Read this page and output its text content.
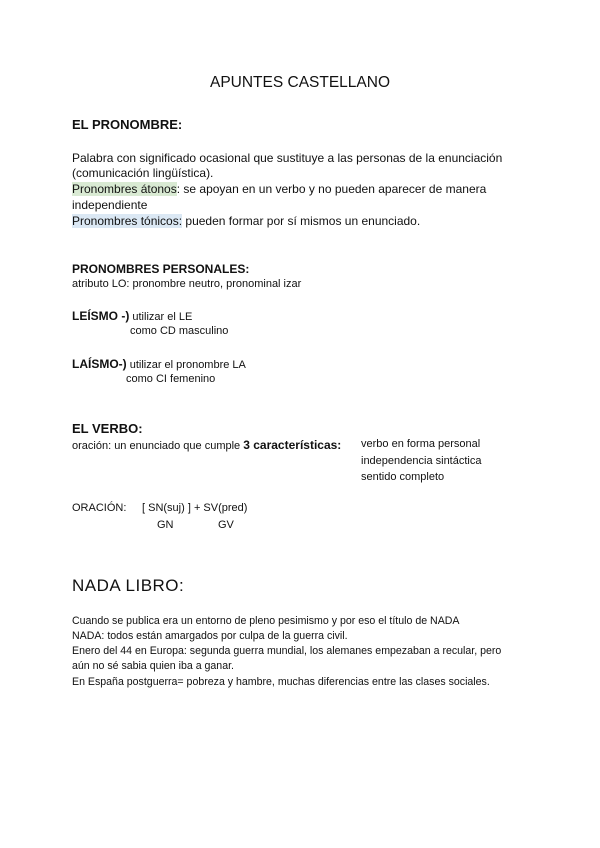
APUNTES CASTELLANO
EL PRONOMBRE:
Palabra con significado ocasional que sustituye a las personas de la enunciación
(comunicación lingüística).
Pronombres átonos: se apoyan en un verbo y no pueden aparecer de manera
independiente
Pronombres tónicos: pueden formar por sí mismos un enunciado.
PRONOMBRES PERSONALES:
atributo LO: pronombre neutro, pronominal izar
LEÍSMO -) utilizar el LE
como CD masculino
LAÍSMO-) utilizar el pronombre LA
como CI femenino
EL VERBO:
oración: un enunciado que cumple 3 características: verbo en forma personal
independencia sintáctica
sentido completo
ORACIÓN: [ SN(suj) ] + SV(pred)
GN	GV
NADA LIBRO:
Cuando se publica era un entorno de pleno pesimismo y por eso el título de NADA
NADA: todos están amargados por culpa de la guerra civil.
Enero del 44 en Europa: segunda guerra mundial, los alemanes empezaban a recular, pero
aún no sé sabia quien iba a ganar.
En España postguerra= pobreza y hambre, muchas diferencias entre las clases sociales.
